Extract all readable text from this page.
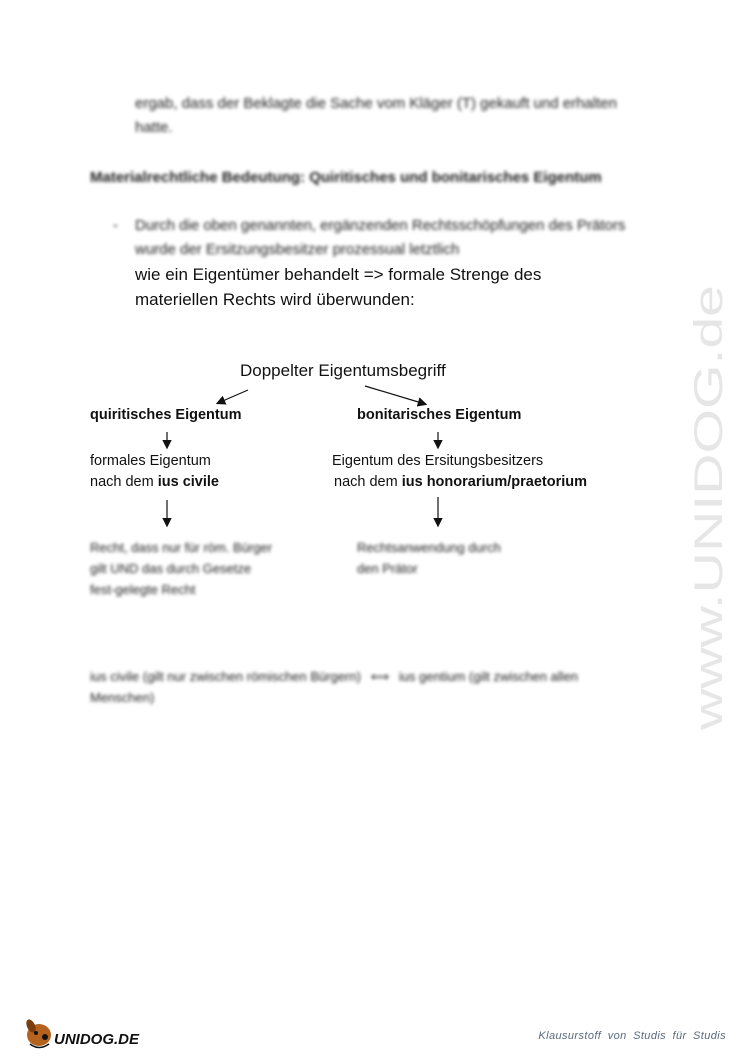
ergab, dass der Beklagte die Sache vom Kläger (T) gekauft und erhalten hatte.
Materialrechtliche Bedeutung: Quiritisches und bonitarisches Eigentum
- Durch die oben genannten, ergänzenden Rechtsschöpfungen des Prätors wurde der Ersitzungsbesitzer prozessual letztlich
wie ein Eigentümer behandelt => formale Strenge des
materiellen Rechts wird überwunden:
Doppelter Eigentumsbegriff
quiritisches Eigentum
formales Eigentum
nach dem ius civile
Recht, dass nur für röm. Bürger gilt UND das durch Gesetze fest-gelegte Recht
bonitarisches Eigentum
Eigentum des Ersitungsbesitzers
nach dem ius honorarium/praetorium
Rechtsanwendung durch den Prätor
ius civile (gilt nur zwischen römischen Bürgern) ⟺ ius gentium (gilt zwischen allen Menschen)	www.UNIDOG.de
UNIDOG.DE	Klausurstoff von Studis für Studis
